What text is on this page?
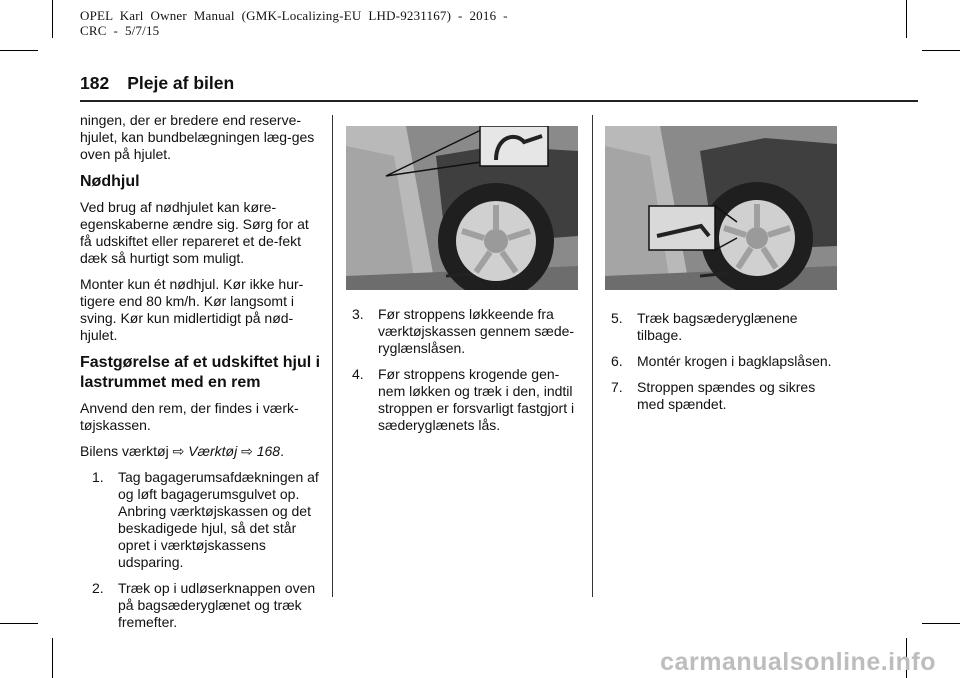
OPEL  Karl  Owner  Manual  (GMK-Localizing-EU  LHD-9231167)  -  2016  -
CRC  -  5/7/15
182 Pleje af bilen

ningen, der er bredere end reserve-hjulet, kan bundbelægningen læg-ges oven på hjulet.

Nødhjul

Ved brug af nødhjulet kan køre-egenskaberne ændre sig. Sørg for at få udskiftet eller repareret et de-fekt dæk så hurtigt som muligt.

Monter kun ét nødhjul. Kør ikke hur-tigere end 80 km/h. Kør langsomt i sving. Kør kun midlertidigt på nød-hjulet.

Fastgørelse af et udskiftet hjul i lastrummet med en rem

Anvend den rem, der findes i værk-tøjskassen.

Bilens værktøj ⇨ Værktøj ⇨ 168.

1. Tag bagagerumsafdækningen af og løft bagagerumsgulvet op. Anbring værktøjskassen og det beskadigede hjul, så det står opret i værktøjskassens udsparing.
2. Træk op i udløserknappen oven på bagsæderyglænet og træk fremefter.
3. Før stroppens løkkeende fra værktøjskassen gennem sæde-ryglænslåsen.
4. Før stroppens krogende gen-nem løkken og træk i den, indtil stroppen er forsvarligt fastgjort i sæderyglænets lås.
5. Træk bagsæderyglænene tilbage.
6. Montér krogen i bagklapslåsen.
7. Stroppen spændes og sikres med spændet.
carmanualsonline.info
